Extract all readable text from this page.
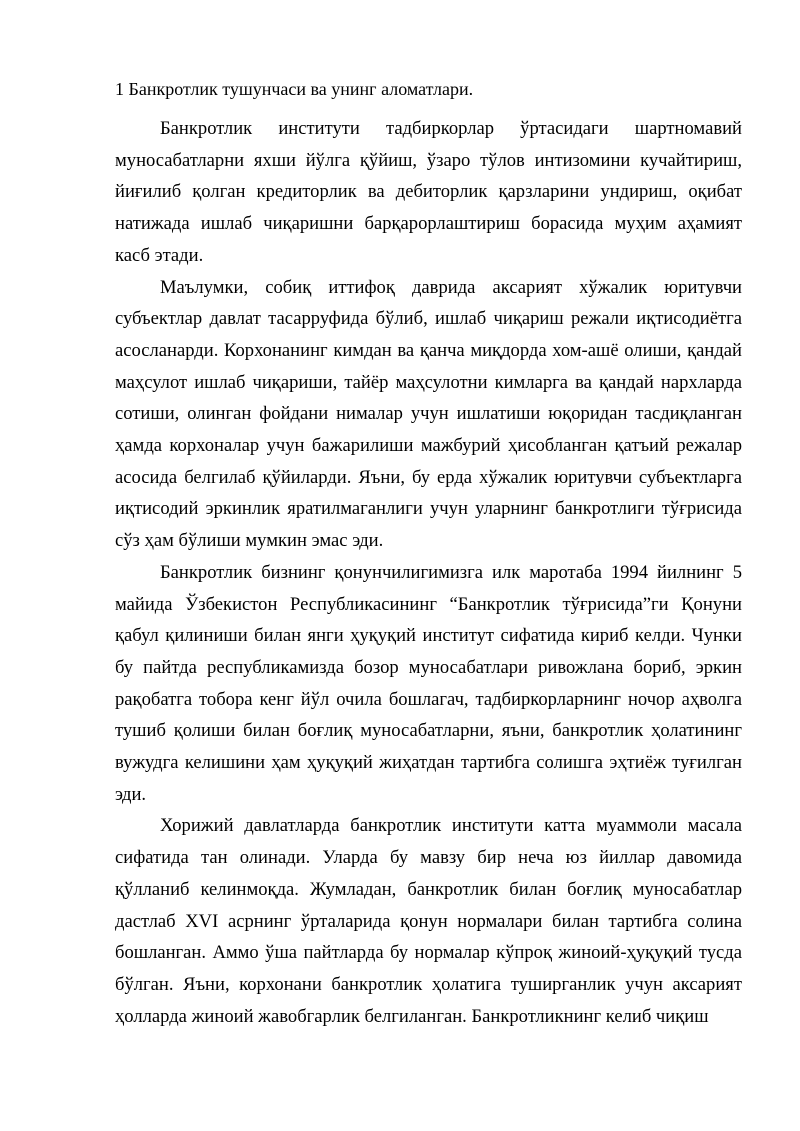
1 Банкротлик тушунчаси ва унинг аломатлари.

Банкротлик институти тадбиркорлар ўртасидаги шартномавий муносабатларни яхши йўлга қўйиш, ўзаро тўлов интизомини кучайтириш, йиғилиб қолган кредиторлик ва дебиторлик қарзларини ундириш, оқибат натижада ишлаб чиқаришни барқарорлаштириш борасида муҳим аҳамият касб этади.

Маълумки, собиқ иттифоқ даврида аксарият хўжалик юритувчи субъектлар давлат тасарруфида бўлиб, ишлаб чиқариш режали иқтисодиётга асосланарди. Корхонанинг кимдан ва қанча миқдорда хом-ашё олиши, қандай маҳсулот ишлаб чиқариши, тайёр маҳсулотни кимларга ва қандай нархларда сотиши, олинган фойдани нималар учун ишлатиши юқоридан тасдиқланган ҳамда корхоналар учун бажарилиши мажбурий ҳисобланган қатъий режалар асосида белгилаб қўйиларди. Яъни, бу ерда хўжалик юритувчи субъектларга иқтисодий эркинлик яратилмаганлиги учун уларнинг банкротлиги тўғрисида сўз ҳам бўлиши мумкин эмас эди.

Банкротлик бизнинг қонунчилигимизга илк маротаба 1994 йилнинг 5 майида Ўзбекистон Республикасининг “Банкротлик тўғрисида”ги Қонуни қабул қилиниши билан янги ҳуқуқий институт сифатида кириб келди. Чунки бу пайтда республикамизда бозор муносабатлари ривожлана бориб, эркин рақобатга тобора кенг йўл очила бошлагач, тадбиркорларнинг ночор аҳволга тушиб қолиши билан боғлиқ муносабатларни, яъни, банкротлик ҳолатининг вужудга келишини ҳам ҳуқуқий жиҳатдан тартибга солишга эҳтиёж туғилган эди.

Хорижий давлатларда банкротлик институти катта муаммоли масала сифатида тан олинади. Уларда бу мавзу бир неча юз йиллар давомида қўлланиб келинмоқда. Жумладан, банкротлик билан боғлиқ муносабатлар дастлаб XVI асрнинг ўрталарида қонун нормалари билан тартибга солина бошланган. Аммо ўша пайтларда бу нормалар кўпроқ жиноий-ҳуқуқий тусда бўлган. Яъни, корхонани банкротлик ҳолатига туширганлик учун аксарият ҳолларда жиноий жавобгарлик белгиланган. Банкротликнинг келиб чиқиш
